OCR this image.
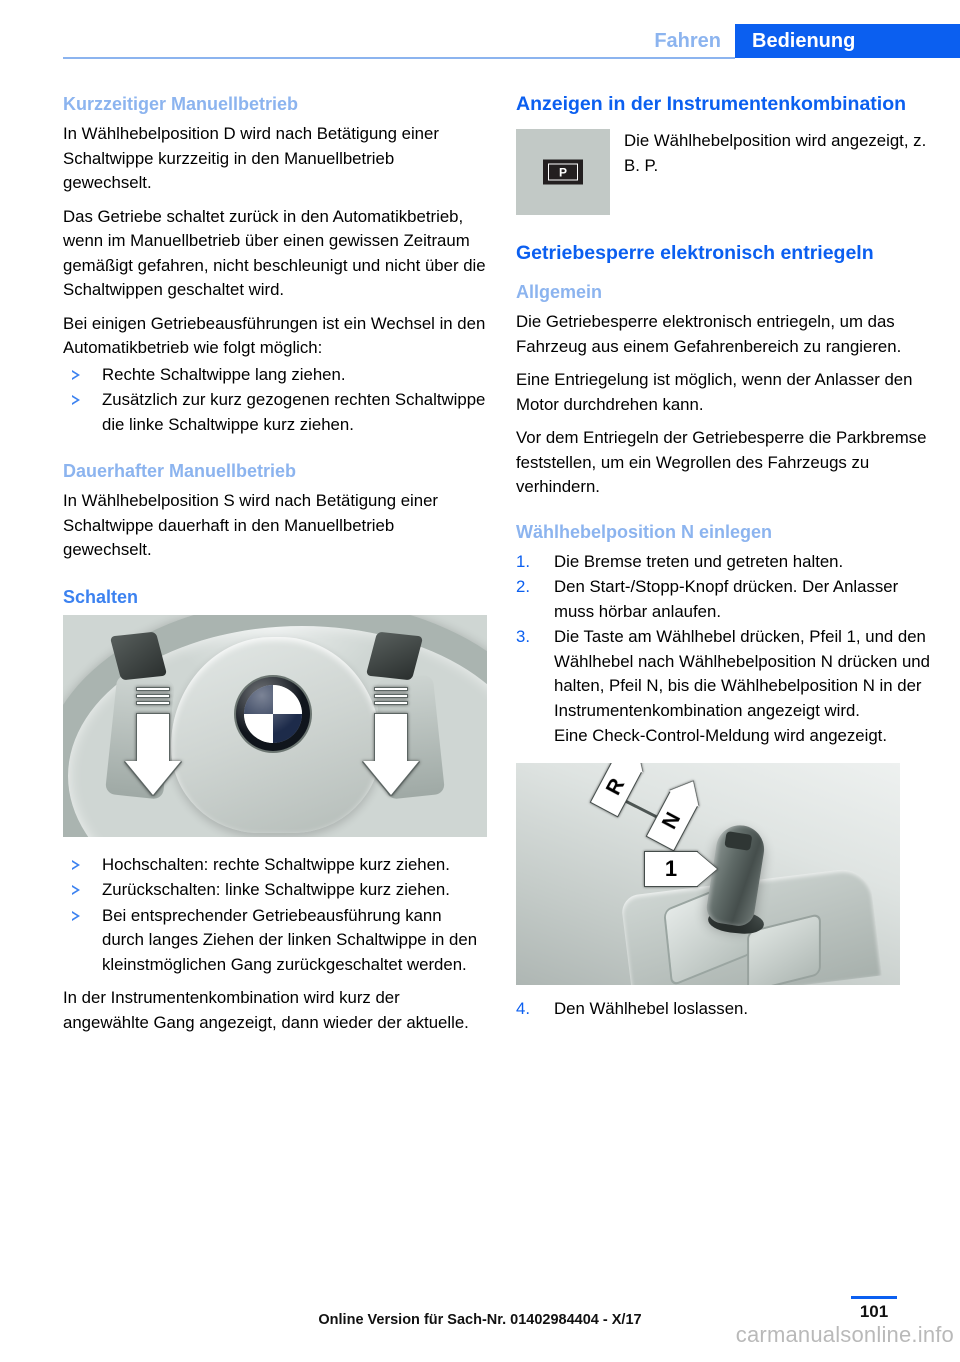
Fahren	Bedienung
Kurzzeitiger Manuellbetrieb

In Wählhebelposition D wird nach Betätigung einer Schaltwippe kurzzeitig in den Manuellbetrieb gewechselt.

Das Getriebe schaltet zurück in den Automatikbetrieb, wenn im Manuellbetrieb über einen gewissen Zeitraum gemäßigt gefahren, nicht beschleunigt und nicht über die Schaltwippen geschaltet wird.

Bei einigen Getriebeausführungen ist ein Wechsel in den Automatikbetrieb wie folgt möglich:

Rechte Schaltwippe lang ziehen.
Zusätzlich zur kurz gezogenen rechten Schaltwippe die linke Schaltwippe kurz ziehen.
Dauerhafter Manuellbetrieb

In Wählhebelposition S wird nach Betätigung einer Schaltwippe dauerhaft in den Manuellbetrieb gewechselt.

Schalten
Hochschalten: rechte Schaltwippe kurz ziehen.
Zurückschalten: linke Schaltwippe kurz ziehen.
Bei entsprechender Getriebeausführung kann durch langes Ziehen der linken Schaltwippe in den kleinstmöglichen Gang zurückgeschaltet werden.

In der Instrumentenkombination wird kurz der angewählte Gang angezeigt, dann wieder der aktuelle.

Anzeigen in der Instrumentenkombination
P
Die Wählhebelposition wird angezeigt, z. B. P.
Getriebesperre elektronisch entriegeln
Allgemein

Die Getriebesperre elektronisch entriegeln, um das Fahrzeug aus einem Gefahrenbereich zu rangieren.

Eine Entriegelung ist möglich, wenn der Anlasser den Motor durchdrehen kann.

Vor dem Entriegeln der Getriebesperre die Parkbremse feststellen, um ein Wegrollen des Fahrzeugs zu verhindern.

Wählhebelposition N einlegen
1. Die Bremse treten und getreten halten.
2. Den Start-/Stopp-Knopf drücken. Der Anlasser muss hörbar anlaufen.
3. Die Taste am Wählhebel drücken, Pfeil 1, und den Wählhebel nach Wählhebelposition N drücken und halten, Pfeil N, bis die Wählhebelposition N in der Instrumentenkombination angezeigt wird.
Eine Check-Control-Meldung wird angezeigt.
R
N
1
4. Den Wählhebel loslassen.
101
Online Version für Sach-Nr. 01402984404 - X/17
carmanualsonline.info
